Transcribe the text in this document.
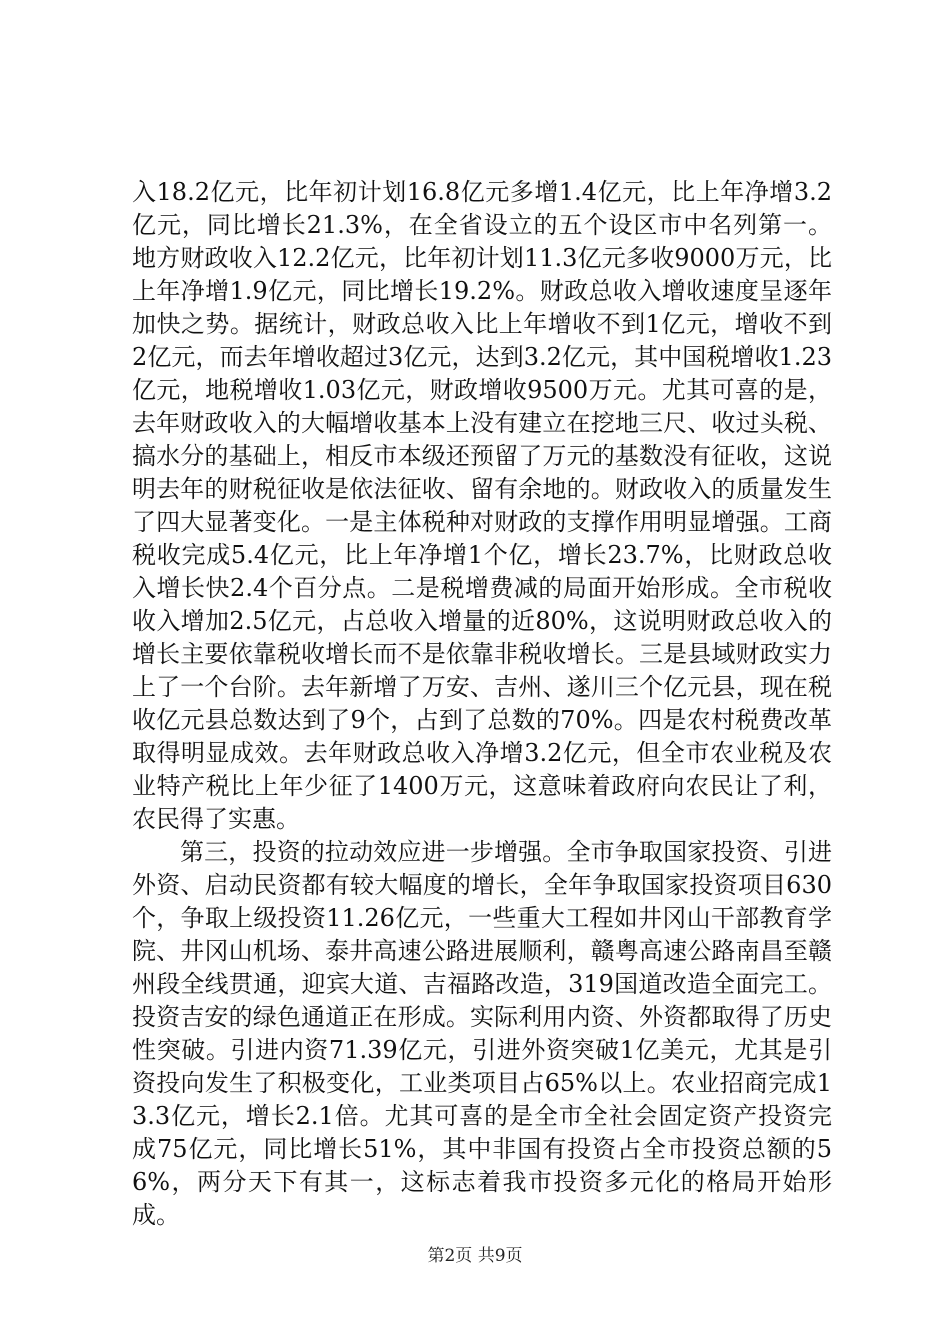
入18.2亿元，比年初计划16.8亿元多增1.4亿元，比上年净增3.2亿元，同比增长21.3%，在全省设立的五个设区市中名列第一。地方财政收入12.2亿元，比年初计划11.3亿元多收9000万元，比上年净增1.9亿元，同比增长19.2%。财政总收入增收速度呈逐年加快之势。据统计，财政总收入比上年增收不到1亿元，增收不到2亿元，而去年增收超过3亿元，达到3.2亿元，其中国税增收1.23亿元，地税增收1.03亿元，财政增收9500万元。尤其可喜的是，去年财政收入的大幅增收基本上没有建立在挖地三尺、收过头税、搞水分的基础上，相反市本级还预留了万元的基数没有征收，这说明去年的财税征收是依法征收、留有余地的。财政收入的质量发生了四大显著变化。一是主体税种对财政的支撑作用明显增强。工商税收完成5.4亿元，比上年净增1个亿，增长23.7%，比财政总收入增长快2.4个百分点。二是税增费减的局面开始形成。全市税收收入增加2.5亿元，占总收入增量的近80%，这说明财政总收入的增长主要依靠税收增长而不是依靠非税收增长。三是县域财政实力上了一个台阶。去年新增了万安、吉州、遂川三个亿元县，现在税收亿元县总数达到了9个，占到了总数的70%。四是农村税费改革取得明显成效。去年财政总收入净增3.2亿元，但全市农业税及农业特产税比上年少征了1400万元，这意味着政府向农民让了利，农民得了实惠。

第三，投资的拉动效应进一步增强。全市争取国家投资、引进外资、启动民资都有较大幅度的增长，全年争取国家投资项目630个，争取上级投资11.26亿元，一些重大工程如井冈山干部教育学院、井冈山机场、泰井高速公路进展顺利，赣粤高速公路南昌至赣州段全线贯通，迎宾大道、吉福路改造，319国道改造全面完工。投资吉安的绿色通道正在形成。实际利用内资、外资都取得了历史性突破。引进内资71.39亿元，引进外资突破1亿美元，尤其是引资投向发生了积极变化，工业类项目占65%以上。农业招商完成13.3亿元，增长2.1倍。尤其可喜的是全市全社会固定资产投资完成75亿元，同比增长51%，其中非国有投资占全市投资总额的56%，两分天下有其一，这标志着我市投资多元化的格局开始形成。

第2页 共9页
